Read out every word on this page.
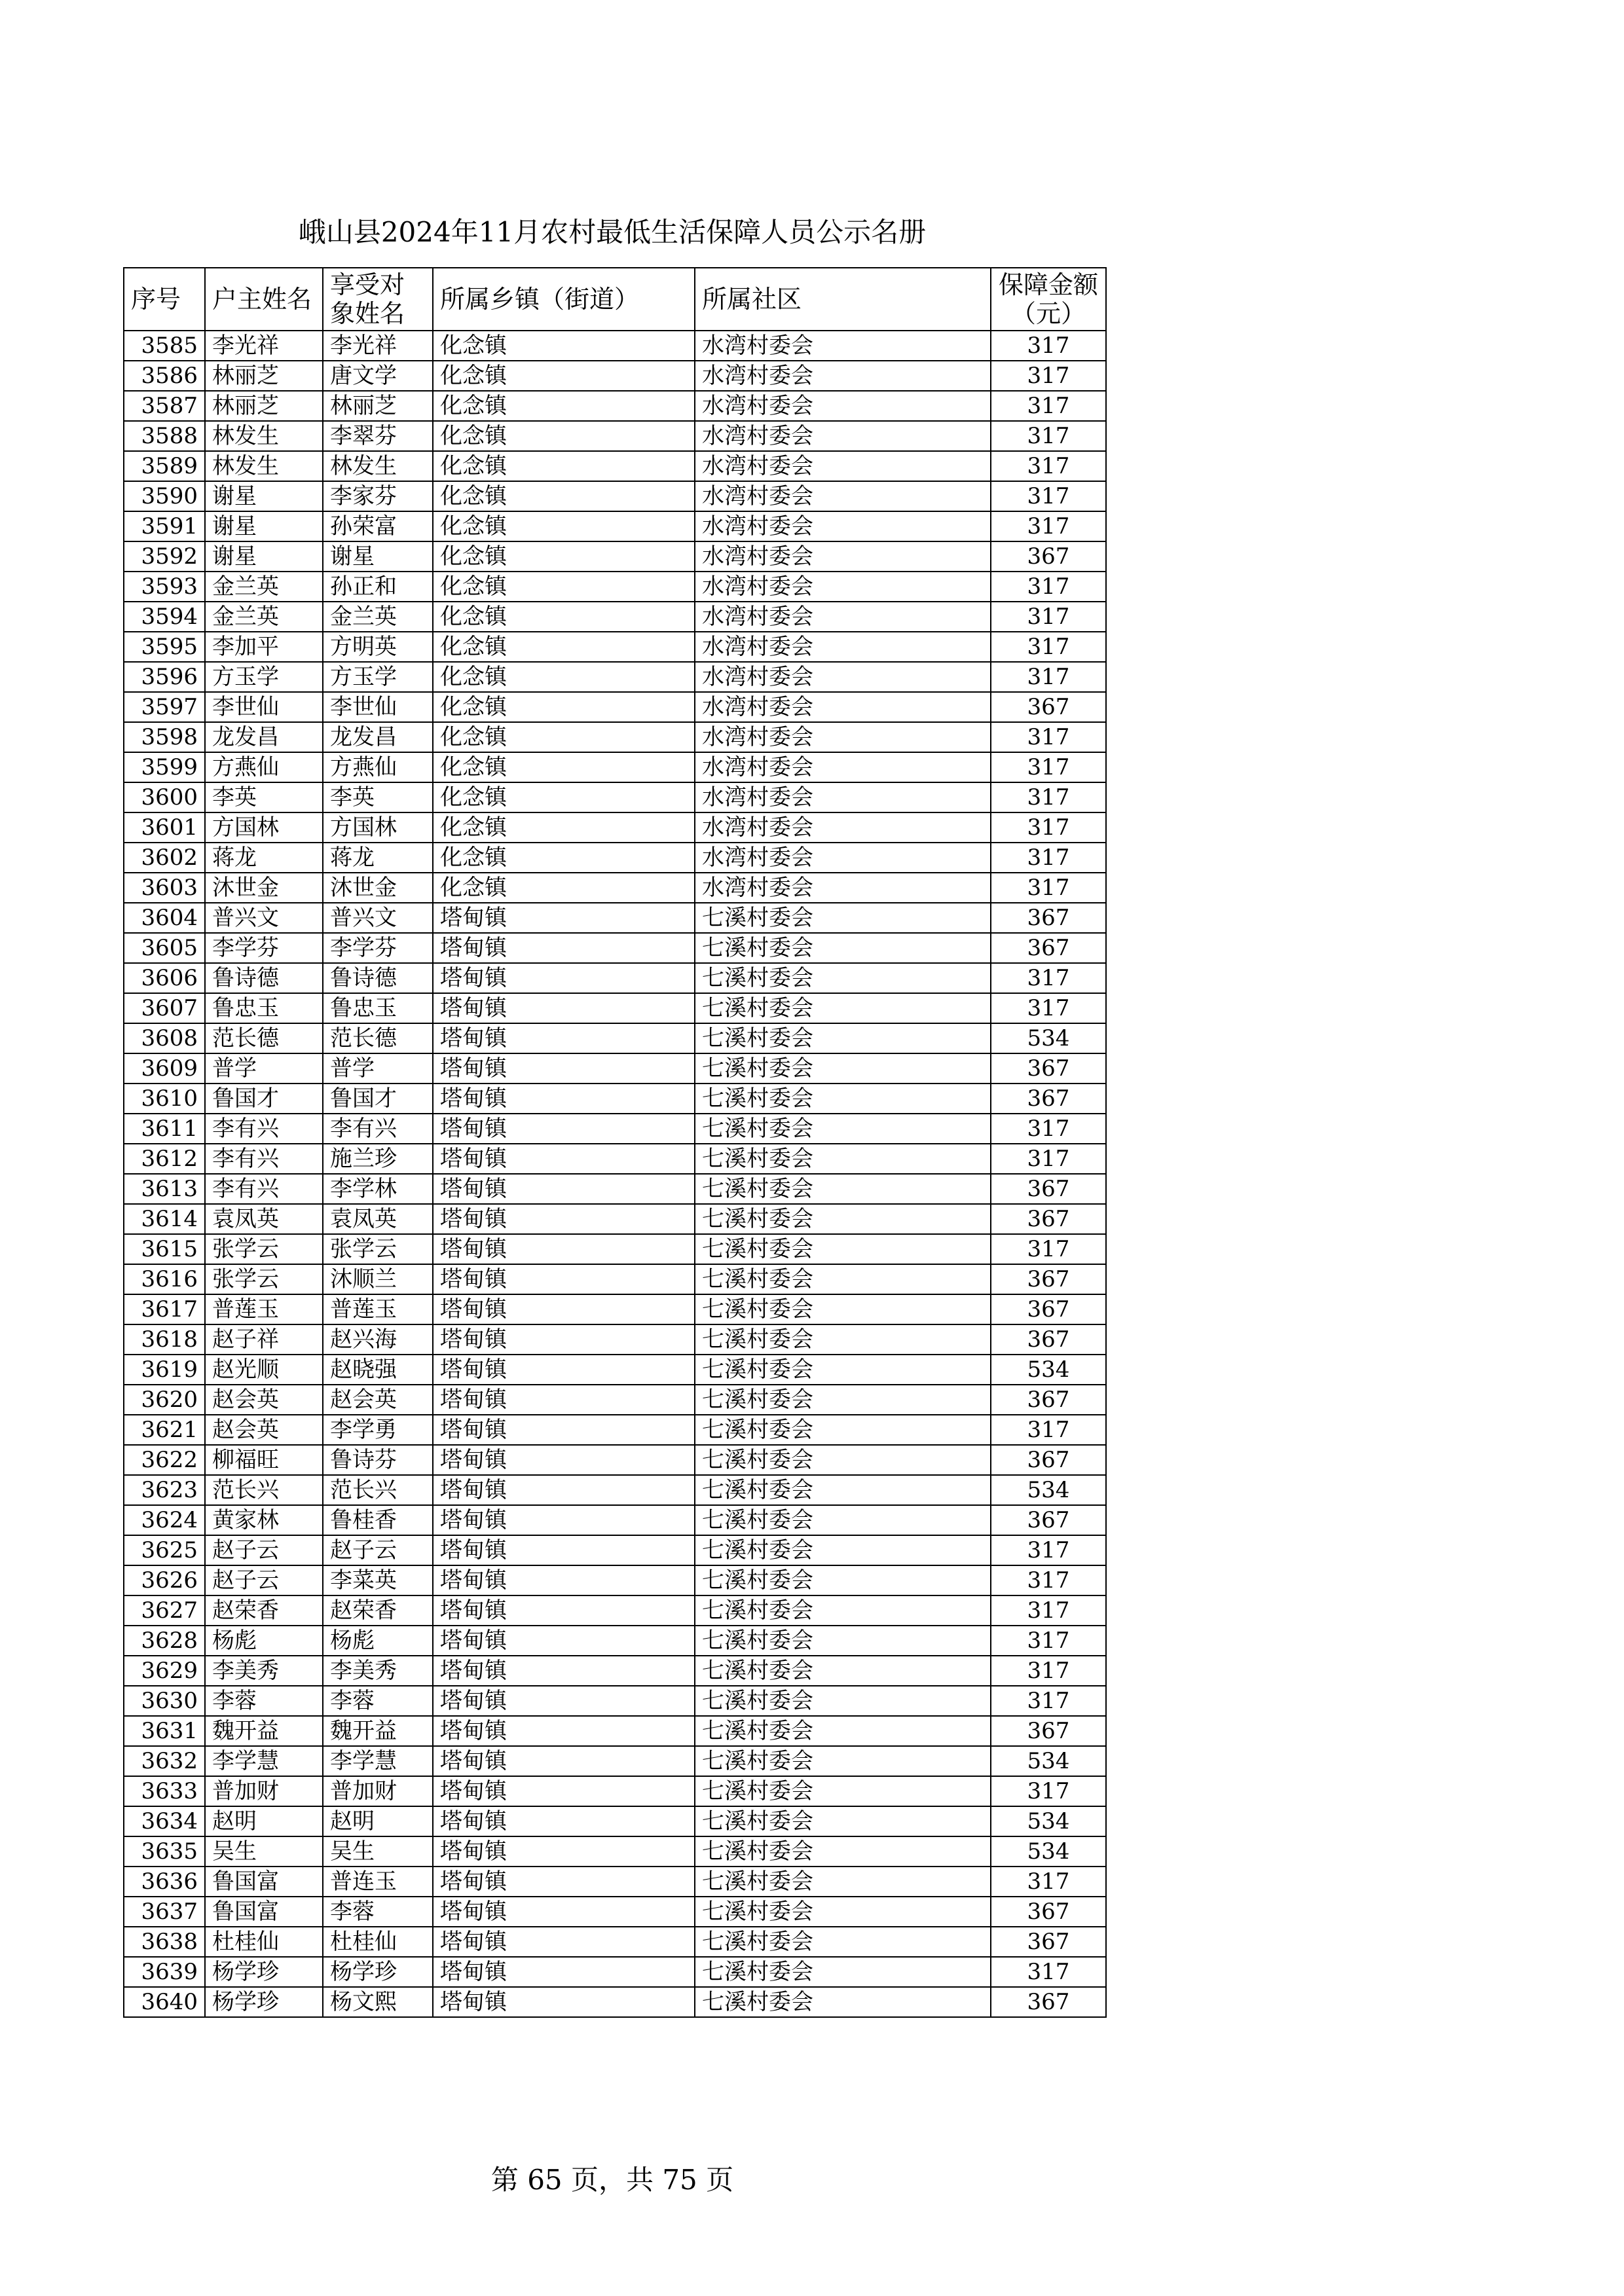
峨山县2024年11月农村最低生活保障人员公示名册
序号	户主姓名	享受对象姓名	所属乡镇（街道）	所属社区	保障金额（元）
3585	李光祥	李光祥	化念镇	水湾村委会	317
3586	林丽芝	唐文学	化念镇	水湾村委会	317
3587	林丽芝	林丽芝	化念镇	水湾村委会	317
3588	林发生	李翠芬	化念镇	水湾村委会	317
3589	林发生	林发生	化念镇	水湾村委会	317
3590	谢星	李家芬	化念镇	水湾村委会	317
3591	谢星	孙荣富	化念镇	水湾村委会	317
3592	谢星	谢星	化念镇	水湾村委会	367
3593	金兰英	孙正和	化念镇	水湾村委会	317
3594	金兰英	金兰英	化念镇	水湾村委会	317
3595	李加平	方明英	化念镇	水湾村委会	317
3596	方玉学	方玉学	化念镇	水湾村委会	317
3597	李世仙	李世仙	化念镇	水湾村委会	367
3598	龙发昌	龙发昌	化念镇	水湾村委会	317
3599	方燕仙	方燕仙	化念镇	水湾村委会	317
3600	李英	李英	化念镇	水湾村委会	317
3601	方国林	方国林	化念镇	水湾村委会	317
3602	蒋龙	蒋龙	化念镇	水湾村委会	317
3603	沐世金	沐世金	化念镇	水湾村委会	317
3604	普兴文	普兴文	塔甸镇	七溪村委会	367
3605	李学芬	李学芬	塔甸镇	七溪村委会	367
3606	鲁诗德	鲁诗德	塔甸镇	七溪村委会	317
3607	鲁忠玉	鲁忠玉	塔甸镇	七溪村委会	317
3608	范长德	范长德	塔甸镇	七溪村委会	534
3609	普学	普学	塔甸镇	七溪村委会	367
3610	鲁国才	鲁国才	塔甸镇	七溪村委会	367
3611	李有兴	李有兴	塔甸镇	七溪村委会	317
3612	李有兴	施兰珍	塔甸镇	七溪村委会	317
3613	李有兴	李学林	塔甸镇	七溪村委会	367
3614	袁凤英	袁凤英	塔甸镇	七溪村委会	367
3615	张学云	张学云	塔甸镇	七溪村委会	317
3616	张学云	沐顺兰	塔甸镇	七溪村委会	367
3617	普莲玉	普莲玉	塔甸镇	七溪村委会	367
3618	赵子祥	赵兴海	塔甸镇	七溪村委会	367
3619	赵光顺	赵晓强	塔甸镇	七溪村委会	534
3620	赵会英	赵会英	塔甸镇	七溪村委会	367
3621	赵会英	李学勇	塔甸镇	七溪村委会	317
3622	柳福旺	鲁诗芬	塔甸镇	七溪村委会	367
3623	范长兴	范长兴	塔甸镇	七溪村委会	534
3624	黄家林	鲁桂香	塔甸镇	七溪村委会	367
3625	赵子云	赵子云	塔甸镇	七溪村委会	317
3626	赵子云	李菜英	塔甸镇	七溪村委会	317
3627	赵荣香	赵荣香	塔甸镇	七溪村委会	317
3628	杨彪	杨彪	塔甸镇	七溪村委会	317
3629	李美秀	李美秀	塔甸镇	七溪村委会	317
3630	李蓉	李蓉	塔甸镇	七溪村委会	317
3631	魏开益	魏开益	塔甸镇	七溪村委会	367
3632	李学慧	李学慧	塔甸镇	七溪村委会	534
3633	普加财	普加财	塔甸镇	七溪村委会	317
3634	赵明	赵明	塔甸镇	七溪村委会	534
3635	吴生	吴生	塔甸镇	七溪村委会	534
3636	鲁国富	普连玉	塔甸镇	七溪村委会	317
3637	鲁国富	李蓉	塔甸镇	七溪村委会	367
3638	杜桂仙	杜桂仙	塔甸镇	七溪村委会	367
3639	杨学珍	杨学珍	塔甸镇	七溪村委会	317
3640	杨学珍	杨文熙	塔甸镇	七溪村委会	367
第 65 页，共 75 页
